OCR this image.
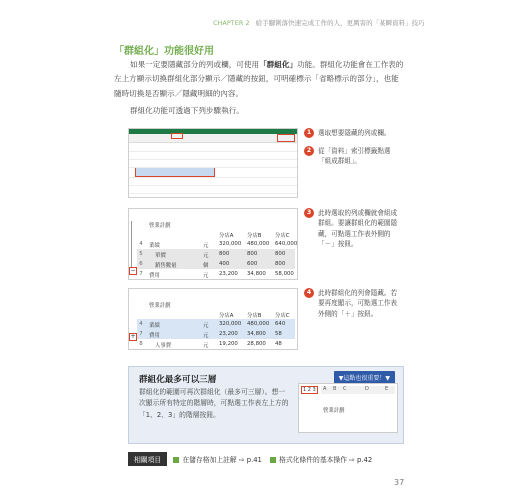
CHAPTER 2 給手腳俐落快速完成工作的人，更厲害的「某瞬資料」技巧
「群組化」功能很好用
如果一定要隱藏部分的列或欄，可使用「群組化」功能。群組化功能會在工作表的左上方顯示切換群組化部分顯示／隱藏的按鈕，可明確標示「省略標示的部分」，也能隨時切換是否顯示／隱藏明細的內容。
群組化功能可透過下列步驟執行。
1 選取想要隱藏的列或欄。
2 從「資料」索引標籤點選「組成群組」。
−
營業計劃
分店A	分店B	分店C
4	業績	元 320,000 480,000 640,000
5	單價	元 800	800	800
6	銷售數量	個 400	600	800
7	費用	元 23,200 34,800 58,000
3 此時選取的列或欄就會組成群組。要讓群組化的範圍隱藏，可點選工作表外側的「－」按鈕。
+
營業計劃
分店A	分店B	分店C
4	業績	元 320,000 480,000 640
7	費用	元 23,200 34,800 58
8	人事費	元 19,200 28,800 48
4 此時群組化的列會隱藏。若要再度顯示，可點選工作表外側的「＋」按鈕。
群組化最多可以三層	▼這點也很重要！▼
群組化的範圍可再次群組化（最多可三層）。想一次顯示所有特定的階層時，可點選工作表左上方的「1、2、3」的階層按鈕。
1 2 3	A B C	D	E
營業計劃
相關項目	在儲存格加上註解 ⇨ p.41	格式化條件的基本操作 ⇨ p.42
37
